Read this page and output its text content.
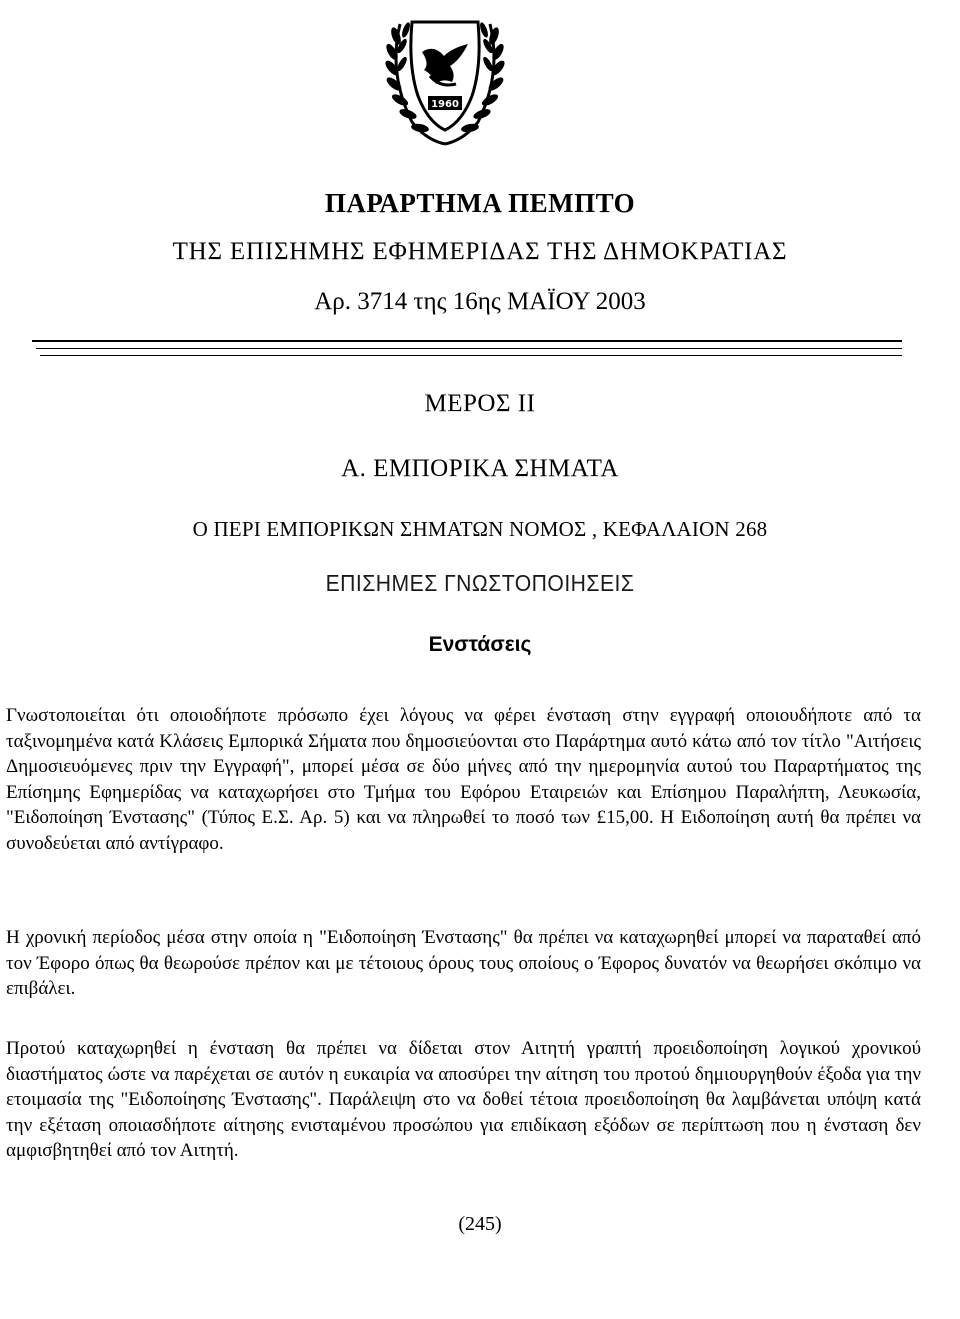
1960
ΠΑΡΑΡΤΗΜΑ ΠΕΜΠΤΟ
ΤΗΣ ΕΠΙΣΗΜΗΣ ΕΦΗΜΕΡΙΔΑΣ ΤΗΣ ΔΗΜΟΚΡΑΤΙΑΣ
Αρ. 3714 της 16ης ΜΑΪΟΥ 2003
ΜΕΡΟΣ ΙΙ
Α. ΕΜΠΟΡΙΚΑ ΣΗΜΑΤΑ
Ο ΠΕΡΙ ΕΜΠΟΡΙΚΩΝ ΣΗΜΑΤΩΝ ΝΟΜΟΣ , ΚΕΦΑΛΑΙΟΝ 268
ΕΠΙΣΗΜΕΣ ΓΝΩΣΤΟΠΟΙΗΣΕΙΣ
Ενστάσεις

Γνωστοποιείται ότι οποιοδήποτε πρόσωπο έχει λόγους να φέρει ένσταση στην εγγραφή οποιουδήποτε από τα ταξινομημένα κατά Κλάσεις Εμπορικά Σήματα που δημοσιεύονται στο Παράρτημα αυτό κάτω από τον τίτλο "Αιτήσεις Δημοσιευόμενες πριν την Εγγραφή", μπορεί μέσα σε δύο μήνες από την ημερομηνία αυτού του Παραρτήματος της Επίσημης Εφημερίδας να καταχωρήσει στο Τμήμα του Εφόρου Εταιρειών και Επίσημου Παραλήπτη, Λευκωσία, "Ειδοποίηση Ένστασης" (Τύπος Ε.Σ. Αρ. 5) και να πληρωθεί το ποσό των £15,00. Η Ειδοποίηση αυτή θα πρέπει να συνοδεύεται από αντίγραφο.

Η χρονική περίοδος μέσα στην οποία η "Ειδοποίηση Ένστασης" θα πρέπει να καταχωρηθεί μπορεί να παραταθεί από τον Έφορο όπως θα θεωρούσε πρέπον και με τέτοιους όρους τους οποίους ο Έφορος δυνατόν να θεωρήσει σκόπιμο να επιβάλει.

Προτού καταχωρηθεί η ένσταση θα πρέπει να δίδεται στον Αιτητή γραπτή προειδοποίηση λογικού χρονικού διαστήματος ώστε να παρέχεται σε αυτόν η ευκαιρία να αποσύρει την αίτηση του προτού δημιουργηθούν έξοδα για την ετοιμασία της "Ειδοποίησης Ένστασης". Παράλειψη στο να δοθεί τέτοια προειδοποίηση θα λαμβάνεται υπόψη κατά την εξέταση οποιασδήποτε αίτησης ενισταμένου προσώπου για επιδίκαση εξόδων σε περίπτωση που η ένσταση δεν αμφισβητηθεί από τον Αιτητή.

(245)
